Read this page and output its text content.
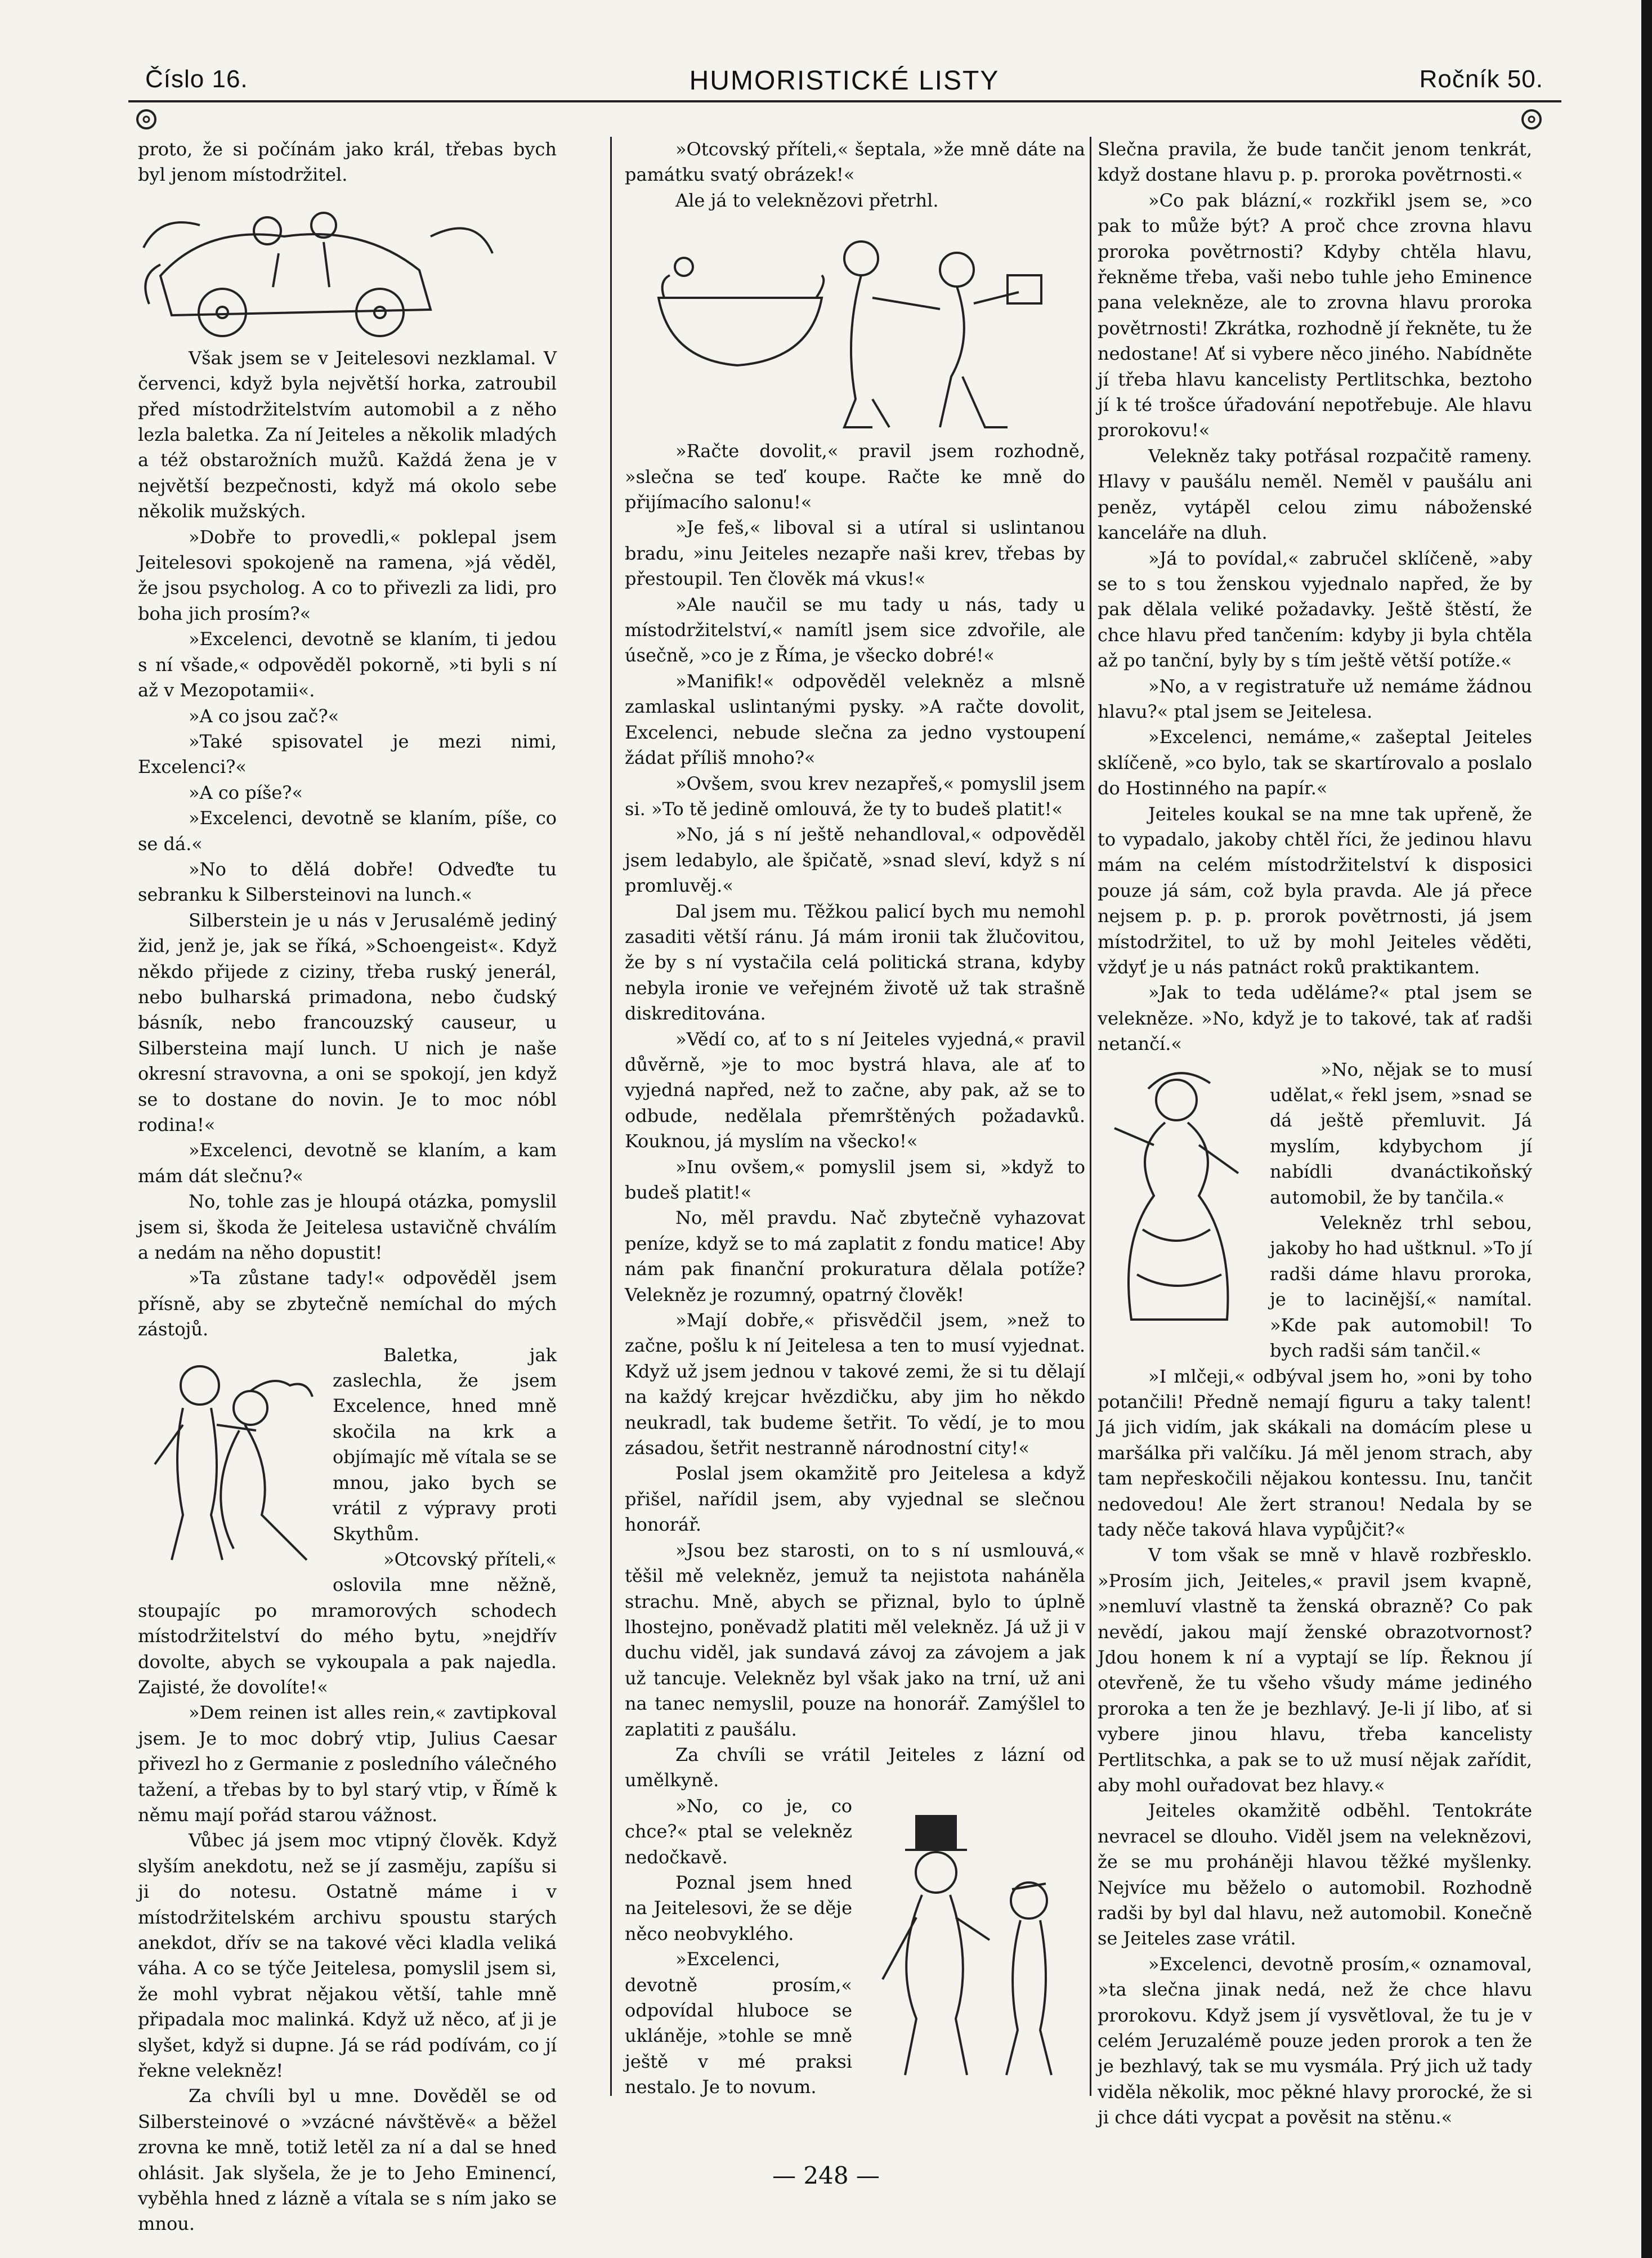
Číslo 16.	HUMORISTICKÉ LISTY	Ročník 50.

proto, že si počínám jako král, třebas bych byl jenom místodržitel.

Však jsem se v Jeitelesovi nezklamal. V červenci, když byla největší horka, zatroubil před místodržitelstvím automobil a z něho lezla baletka. Za ní Jeiteles a několik mladých a též obstarožních mužů. Každá žena je v největší bezpečnosti, když má okolo sebe několik mužských.

»Dobře to provedli,« poklepal jsem Jeitelesovi spokojeně na ramena, »já věděl, že jsou psycholog. A co to přivezli za lidi, pro boha jich prosím?«

»Excelenci, devotně se klaním, ti jedou s ní všade,« odpověděl pokorně, »ti byli s ní až v Mezopotamii«.

»A co jsou zač?«

»Také spisovatel je mezi nimi, Excelenci?«

»A co píše?«

»Excelenci, devotně se klaním, píše, co se dá.«

»No to dělá dobře! Odveďte tu sebranku k Silbersteinovi na lunch.«

Silberstein je u nás v Jerusalémě jediný žid, jenž je, jak se říká, »Schoengeist«. Když někdo přijede z ciziny, třeba ruský jenerál, nebo bulharská primadona, nebo čudský básník, nebo francouzský causeur, u Silbersteina mají lunch. U nich je naše okresní stravovna, a oni se spokojí, jen když se to dostane do novin. Je to moc nóbl rodina!«

»Excelenci, devotně se klaním, a kam mám dát slečnu?«

No, tohle zas je hloupá otázka, pomyslil jsem si, škoda že Jeitelesa ustavičně chválím a nedám na něho dopustit!

»Ta zůstane tady!« odpověděl jsem přísně, aby se zbytečně nemíchal do mých zástojů.

Baletka, jak zaslechla, že jsem Excelence, hned mně skočila na krk a objímajíc mě vítala se se mnou, jako bych se vrátil z výpravy proti Skythům.

»Otcovský příteli,« oslovila mne něžně, stoupajíc po mramorových schodech místodržitelství do mého bytu, »nejdřív dovolte, abych se vykoupala a pak najedla. Zajisté, že dovolíte!«

»Dem reinen ist alles rein,« zavtipkoval jsem. Je to moc dobrý vtip, Julius Caesar přivezl ho z Germanie z posledního válečného tažení, a třebas by to byl starý vtip, v Římě k němu mají pořád starou vážnost.

Vůbec já jsem moc vtipný člověk. Když slyším anekdotu, než se jí zasměju, zapíšu si ji do notesu. Ostatně máme i v místodržitelském archivu spoustu starých anekdot, dřív se na takové věci kladla veliká váha. A co se týče Jeitelesa, pomyslil jsem si, že mohl vybrat nějakou větší, tahle mně připadala moc malinká. Když už něco, ať ji je slyšet, když si dupne. Já se rád podívám, co jí řekne velekněz!

Za chvíli byl u mne. Dověděl se od Silbersteinové o »vzácné návštěvě« a běžel zrovna ke mně, totiž letěl za ní a dal se hned ohlásit. Jak slyšela, že je to Jeho Eminencí, vyběhla hned z lázně a vítala se s ním jako se mnou.

»Otcovský příteli,« šeptala, »že mně dáte na památku svatý obrázek!«

Ale já to veleknězovi přetrhl.

»Račte dovolit,« pravil jsem rozhodně, »slečna se teď koupe. Račte ke mně do přijímacího salonu!«

»Je feš,« liboval si a utíral si uslintanou bradu, »inu Jeiteles nezapře naši krev, třebas by přestoupil. Ten člověk má vkus!«

»Ale naučil se mu tady u nás, tady u místodržitelství,« namítl jsem sice zdvořile, ale úsečně, »co je z Říma, je všecko dobré!«

»Manifik!« odpověděl velekněz a mlsně zamlaskal uslintanými pysky. »A račte dovolit, Excelenci, nebude slečna za jedno vystoupení žádat příliš mnoho?«

»Ovšem, svou krev nezapřeš,« pomyslil jsem si. »To tě jedině omlouvá, že ty to budeš platit!«

»No, já s ní ještě nehandloval,« odpověděl jsem ledabylo, ale špičatě, »snad sleví, když s ní promluvěj.«

Dal jsem mu. Těžkou palicí bych mu nemohl zasaditi větší ránu. Já mám ironii tak žlučovitou, že by s ní vystačila celá politická strana, kdyby nebyla ironie ve veřejném životě už tak strašně diskreditována.

»Vědí co, ať to s ní Jeiteles vyjedná,« pravil důvěrně, »je to moc bystrá hlava, ale ať to vyjedná napřed, než to začne, aby pak, až se to odbude, nedělala přemrštěných požadavků. Kouknou, já myslím na všecko!«

»Inu ovšem,« pomyslil jsem si, »když to budeš platit!«

No, měl pravdu. Nač zbytečně vyhazovat peníze, když se to má zaplatit z fondu matice! Aby nám pak finanční prokuratura dělala potíže? Velekněz je rozumný, opatrný člověk!

»Mají dobře,« přisvědčil jsem, »než to začne, pošlu k ní Jeitelesa a ten to musí vyjednat. Když už jsem jednou v takové zemi, že si tu dělají na každý krejcar hvězdičku, aby jim ho někdo neukradl, tak budeme šetřit. To vědí, je to mou zásadou, šetřit nestranně národnostní city!«

Poslal jsem okamžitě pro Jeitelesa a když přišel, nařídil jsem, aby vyjednal se slečnou honorář.

»Jsou bez starosti, on to s ní usmlouvá,« těšil mě velekněz, jemuž ta nejistota naháněla strachu. Mně, abych se přiznal, bylo to úplně lhostejno, poněvadž platiti měl velekněz. Já už ji v duchu viděl, jak sundavá závoj za závojem a jak už tancuje. Velekněz byl však jako na trní, už ani na tanec nemyslil, pouze na honorář. Zamýšlel to zaplatiti z paušálu.

Za chvíli se vrátil Jeiteles z lázní od umělkyně.

»No, co je, co chce?« ptal se velekněz nedočkavě.

Poznal jsem hned na Jeitelesovi, že se děje něco neobvyklého.

»Excelenci, devotně prosím,« odpovídal hluboce se ukláněje, »tohle se mně ještě v mé praksi nestalo. Je to novum.

Slečna pravila, že bude tančit jenom tenkrát, když dostane hlavu p. p. proroka povětrnosti.«

»Co pak blázní,« rozkřikl jsem se, »co pak to může být? A proč chce zrovna hlavu proroka povětrnosti? Kdyby chtěla hlavu, řekněme třeba, vaši nebo tuhle jeho Eminence pana velekněze, ale to zrovna hlavu proroka povětrnosti! Zkrátka, rozhodně jí řekněte, tu že nedostane! Ať si vybere něco jiného. Nabídněte jí třeba hlavu kancelisty Pertlitschka, beztoho jí k té trošce úřadování nepotřebuje. Ale hlavu prorokovu!«

Velekněz taky potřásal rozpačitě rameny. Hlavy v paušálu neměl. Neměl v paušálu ani peněz, vytápěl celou zimu náboženské kanceláře na dluh.

»Já to povídal,« zabručel sklíčeně, »aby se to s tou ženskou vyjednalo napřed, že by pak dělala veliké požadavky. Ještě štěstí, že chce hlavu před tančením: kdyby ji byla chtěla až po tanční, byly by s tím ještě větší potíže.«

»No, a v registratuře už nemáme žádnou hlavu?« ptal jsem se Jeitelesa.

»Excelenci, nemáme,« zašeptal Jeiteles sklíčeně, »co bylo, tak se skartírovalo a poslalo do Hostinného na papír.«

Jeiteles koukal se na mne tak upřeně, že to vypadalo, jakoby chtěl říci, že jedinou hlavu mám na celém místodržitelství k disposici pouze já sám, což byla pravda. Ale já přece nejsem p. p. p. prorok povětrnosti, já jsem místodržitel, to už by mohl Jeiteles věděti, vždyť je u nás patnáct roků praktikantem.

»Jak to teda uděláme?« ptal jsem se velekněze. »No, když je to takové, tak ať radši netančí.«

»No, nějak se to musí udělat,« řekl jsem, »snad se dá ještě přemluvit. Já myslím, kdybychom jí nabídli dvanáctikoňský automobil, že by tančila.«

Velekněz trhl sebou, jakoby ho had uštknul. »To jí radši dáme hlavu proroka, je to lacinější,« namítal. »Kde pak automobil! To bych radši sám tančil.«

»I mlčeji,« odbýval jsem ho, »oni by toho potančili! Předně nemají figuru a taky talent! Já jich vidím, jak skákali na domácím plese u maršálka při valčíku. Já měl jenom strach, aby tam nepřeskočili nějakou kontessu. Inu, tančit nedovedou! Ale žert stranou! Nedala by se tady něče taková hlava vypůjčit?«

V tom však se mně v hlavě rozbřesklo. »Prosím jich, Jeiteles,« pravil jsem kvapně, »nemluví vlastně ta ženská obrazně? Co pak nevědí, jakou mají ženské obrazotvornost? Jdou honem k ní a vyptají se líp. Řeknou jí otevřeně, že tu všeho všudy máme jediného proroka a ten že je bezhlavý. Je-li jí libo, ať si vybere jinou hlavu, třeba kancelisty Pertlitschka, a pak se to už musí nějak zařídit, aby mohl ouřadovat bez hlavy.«

Jeiteles okamžitě odběhl. Tentokráte nevracel se dlouho. Viděl jsem na veleknězovi, že se mu proháněji hlavou těžké myšlenky. Nejvíce mu běželo o automobil. Rozhodně radši by byl dal hlavu, než automobil. Konečně se Jeiteles zase vrátil.

»Excelenci, devotně prosím,« oznamoval, »ta slečna jinak nedá, než že chce hlavu prorokovu. Když jsem jí vysvětloval, že tu je v celém Jeruzalémě pouze jeden prorok a ten že je bezhlavý, tak se mu vysmála. Prý jich už tady viděla několik, moc pěkné hlavy prorocké, že si ji chce dáti vycpat a pověsit na stěnu.«

— 248 —
